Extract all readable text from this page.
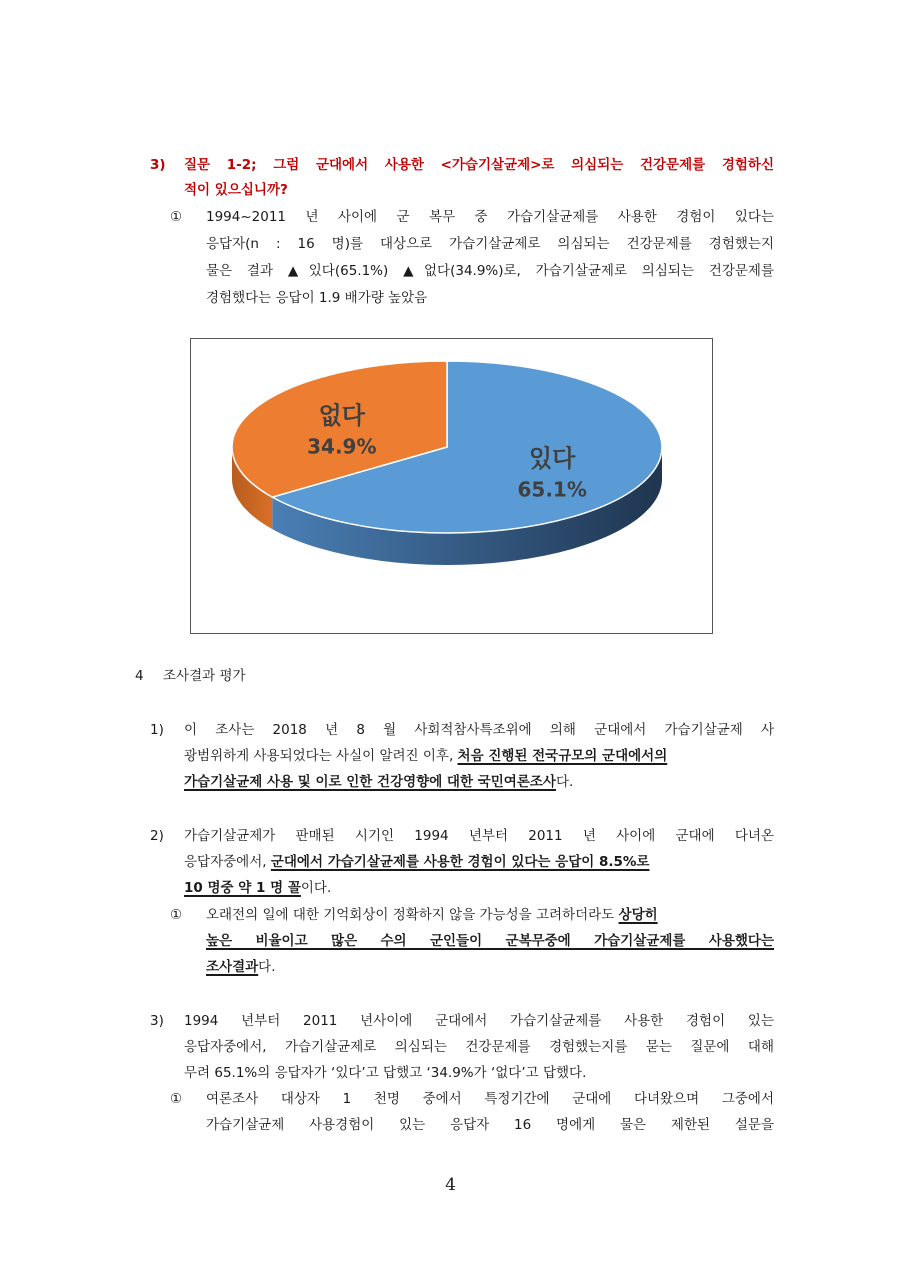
3) 질문 1-2; 그럼 군대에서 사용한 <가습기살균제>로 의심되는 건강문제를 경험하신
적이 있으십니까?
① 1994~2011 년 사이에 군 복무 중 가습기살균제를 사용한 경험이 있다는
응답자(n : 16 명)를 대상으로 가습기살균제로 의심되는 건강문제를 경험했는지
물은 결과 ▲있다(65.1%) ▲없다(34.9%)로, 가습기살균제로 의심되는 건강문제를
경험했다는 응답이 1.9 배가량 높았음
있다
65.1%
없다
34.9%
4 조사결과 평가
1) 이 조사는 2018 년 8 월 사회적참사특조위에 의해 군대에서 가습기살균제 사
광범위하게 사용되었다는 사실이 알려진 이후, 처음 진행된 전국규모의 군대에서의
가습기살균제 사용 및 이로 인한 건강영향에 대한 국민여론조사다.
2) 가습기살균제가 판매된 시기인 1994 년부터 2011 년 사이에 군대에 다녀온
응답자중에서, 군대에서 가습기살균제를 사용한 경험이 있다는 응답이 8.5%로
10 명중 약 1 명 꼴이다.
① 오래전의 일에 대한 기억회상이 정확하지 않을 가능성을 고려하더라도 상당히
높은 비율이고 많은 수의 군인들이 군복무중에 가습기살균제를 사용했다는
조사결과다.
3) 1994 년부터 2011 년사이에 군대에서 가습기살균제를 사용한 경험이 있는
응답자중에서, 가습기살균제로 의심되는 건강문제를 경험했는지를 묻는 질문에 대해
무려 65.1%의 응답자가 ‘있다’고 답했고 ‘34.9%가 ‘없다’고 답했다.
① 여론조사 대상자 1 천명 중에서 특정기간에 군대에 다녀왔으며 그중에서
가습기살균제 사용경험이 있는 응답자 16 명에게 물은 제한된 설문을
4
